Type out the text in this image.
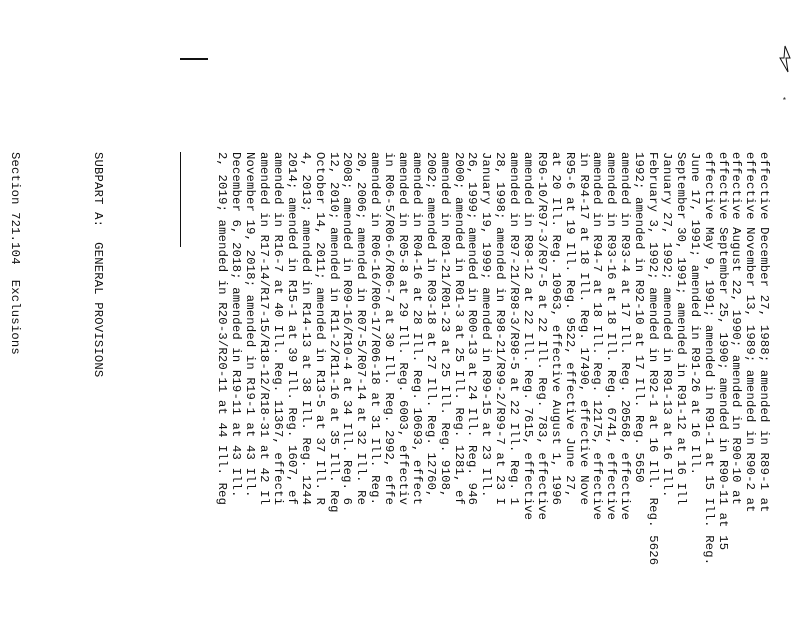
*

effective December 27, 1988; amended in R89-1 at
effective November 13, 1989; amended in R90-2 at
effective August 22, 1990; amended in R90-10 at
effective September 25, 1990; amended in R90-11 at 15
effective May 9, 1991; amended in R91-1 at 15 Ill. Reg.
June 17, 1991; amended in R91-26 at 16 Ill.
September 30, 1991; amended in R91-12 at 16 Ill
January 27, 1992; amended in R91-13 at 16 Ill.
February 3, 1992; amended in R92-1 at 16 Ill. Reg. 5626
1992; amended in R92-10 at 17 Ill. Reg. 5650
amended in R93-4 at 17 Ill. Reg. 20568, effective
amended in R93-16 at 18 Ill. Reg. 6741, effective
amended in R94-7 at 18 Ill. Reg. 12175, effective
in R94-17 at 18 Ill. Reg. 17490, effective Nove
R95-6 at 19 Ill. Reg. 9522, effective June 27,
at 20 Ill. Reg. 10963, effective August 1, 1996
R96-10/R97-3/R97-5 at 22 Ill. Reg. 783, effective
amended in R98-12 at 22 Ill. Reg. 7615, effective
amended in R97-21/R98-3/R98-5 at 22 Ill. Reg. 1
28, 1998; amended in R98-21/R99-2/R99-7 at 23 I
January 19, 1999; amended in R99-15 at 23 Ill.
26, 1999; amended in R00-13 at 24 Ill. Reg. 946
2000; amended in R01-3 at 25 Ill. Reg. 1281, ef
amended in R01-21/R01-23 at 25 Ill. Reg. 9108,
2002; amended in R03-18 at 27 Ill. Reg. 12760,
amended in R04-16 at 28 Ill. Reg. 10693, effect
amended in R05-8 at 29 Ill. Reg. 6003, effectiv
in R06-5/R06-6/R06-7 at 30 Ill. Reg. 2992, effe
amended in R06-16/R06-17/R06-18 at 31 Ill. Reg.
20, 2006; amended in R07-5/R07-14 at 32 Ill. Re
2008; amended in R09-16/R10-4 at 34 Ill. Reg. 6
12, 2010; amended in R11-2/R11-16 at 35 Ill. Reg
October 14, 2011; amended in R13-5 at 37 Ill. R
4, 2013; amended in R14-13 at 38 Ill. Reg. 1244
2014; amended in R15-1 at 39 Ill. Reg. 1607, ef
amended in R16-7 at 40 Ill. Reg. 11367, effecti
amended in R17-14/R17-15/R18-12/R18-31 at 42 Il
November 19, 2018; amended in R19-1 at 43 Ill.
December 6, 2018; amended in R19-11 at 43 Ill.
2, 2019; amended in R20-3/R20-11 at 44 Ill. Reg

SUBPART A:  GENERAL PROVISIONS

Section 721.104  Exclusions
